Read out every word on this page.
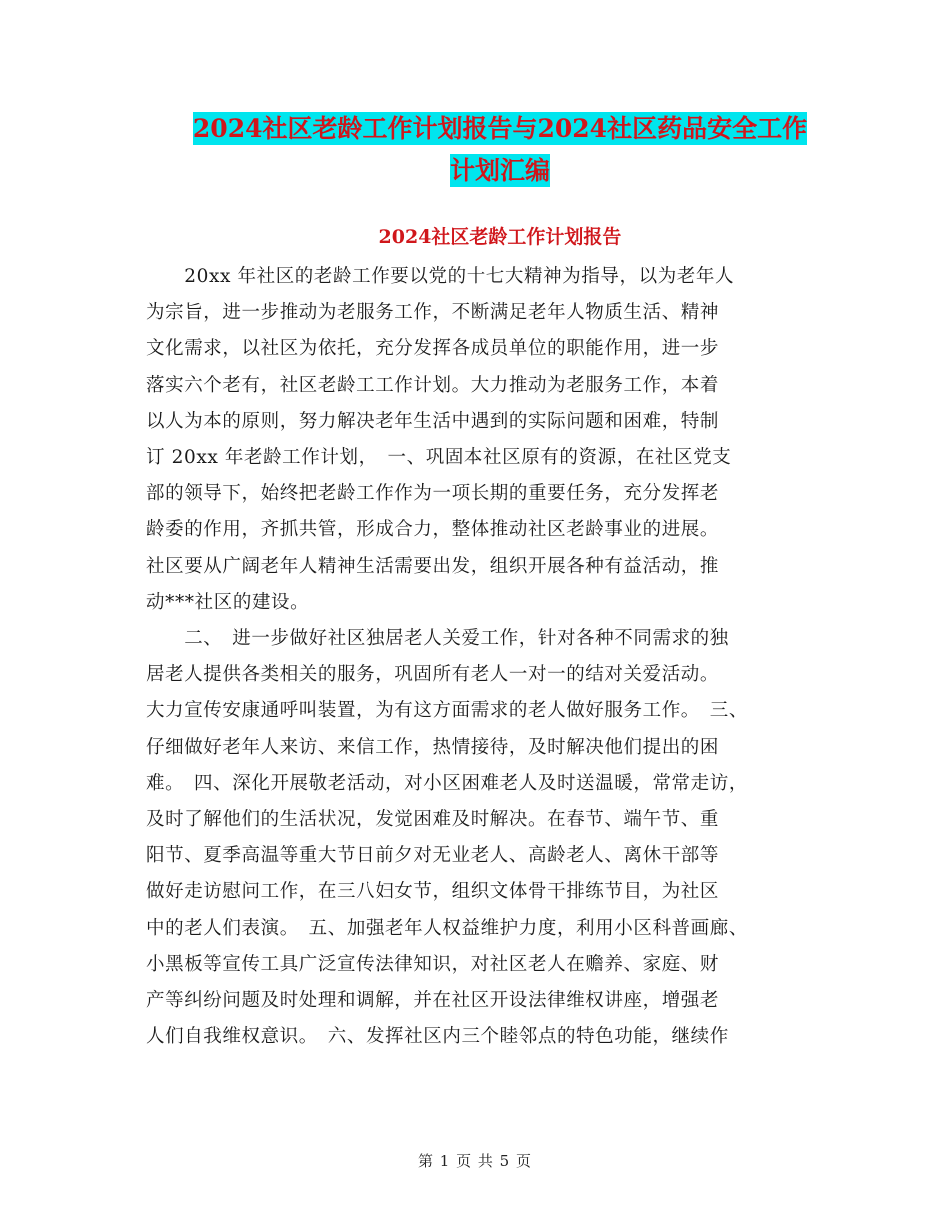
2024社区老龄工作计划报告与2024社区药品安全工作
计划汇编
2024社区老龄工作计划报告

　　20xx 年社区的老龄工作要以党的十七大精神为指导，以为老年人
为宗旨，进一步推动为老服务工作，不断满足老年人物质生活、精神
文化需求，以社区为依托，充分发挥各成员单位的职能作用，进一步
落实六个老有，社区老龄工工作计划。大力推动为老服务工作，本着
以人为本的原则，努力解决老年生活中遇到的实际问题和困难，特制
订 20xx 年老龄工作计划，　一、巩固本社区原有的资源，在社区党支
部的领导下，始终把老龄工作作为一项长期的重要任务，充分发挥老
龄委的作用，齐抓共管，形成合力，整体推动社区老龄事业的进展。
社区要从广阔老年人精神生活需要出发，组织开展各种有益活动，推
动***社区的建设。

　　二、　进一步做好社区独居老人关爱工作，针对各种不同需求的独
居老人提供各类相关的服务，巩固所有老人一对一的结对关爱活动。
大力宣传安康通呼叫装置，为有这方面需求的老人做好服务工作。　三、
仔细做好老年人来访、来信工作，热情接待，及时解决他们提出的困
难。　四、深化开展敬老活动，对小区困难老人及时送温暖，常常走访，
及时了解他们的生活状况，发觉困难及时解决。在春节、端午节、重
阳节、夏季高温等重大节日前夕对无业老人、高龄老人、离休干部等
做好走访慰问工作，在三八妇女节，组织文体骨干排练节目，为社区
中的老人们表演。　五、加强老年人权益维护力度，利用小区科普画廊、
小黑板等宣传工具广泛宣传法律知识，对社区老人在赡养、家庭、财
产等纠纷问题及时处理和调解，并在社区开设法律维权讲座，增强老
人们自我维权意识。　六、发挥社区内三个睦邻点的特色功能，继续作

第 1 页 共 5 页
